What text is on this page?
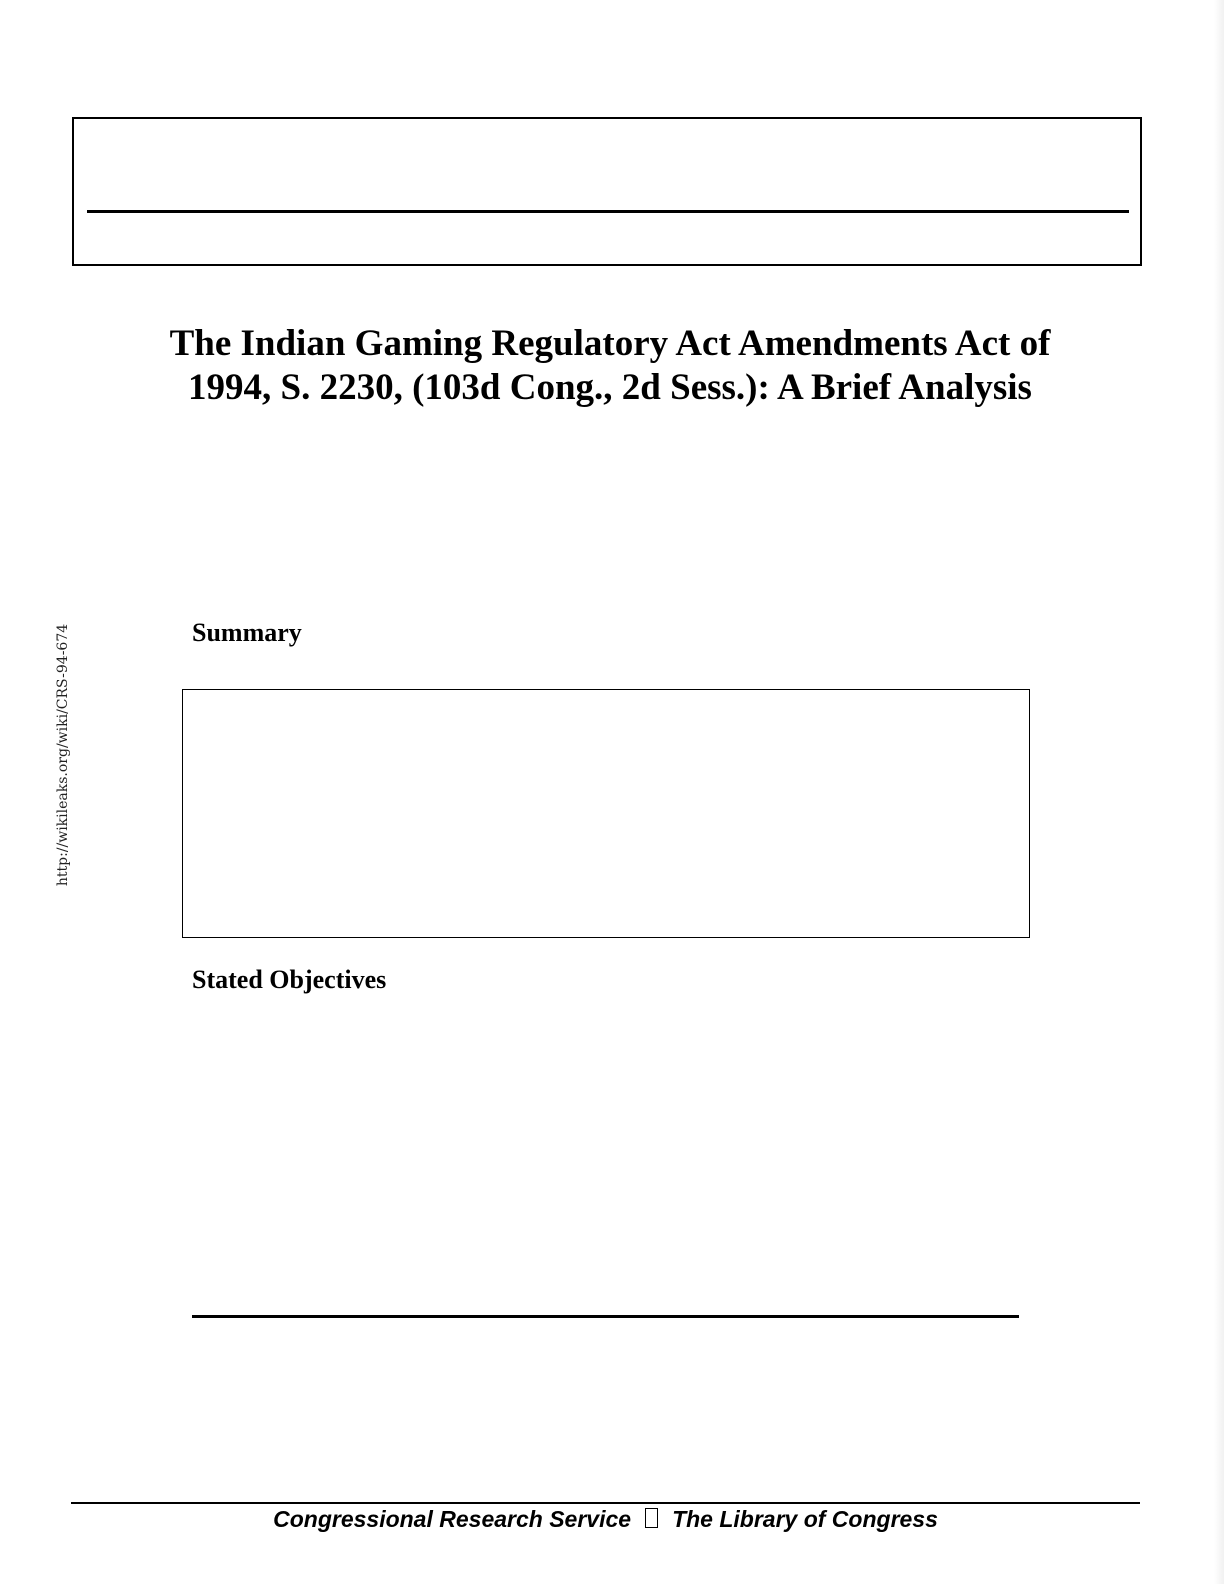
The Indian Gaming Regulatory Act Amendments Act of 1994, S. 2230, (103d Cong., 2d Sess.): A Brief Analysis
http://wikileaks.org/wiki/CRS-94-674	Summary
Stated Objectives
Congressional Research Service The Library of Congress
